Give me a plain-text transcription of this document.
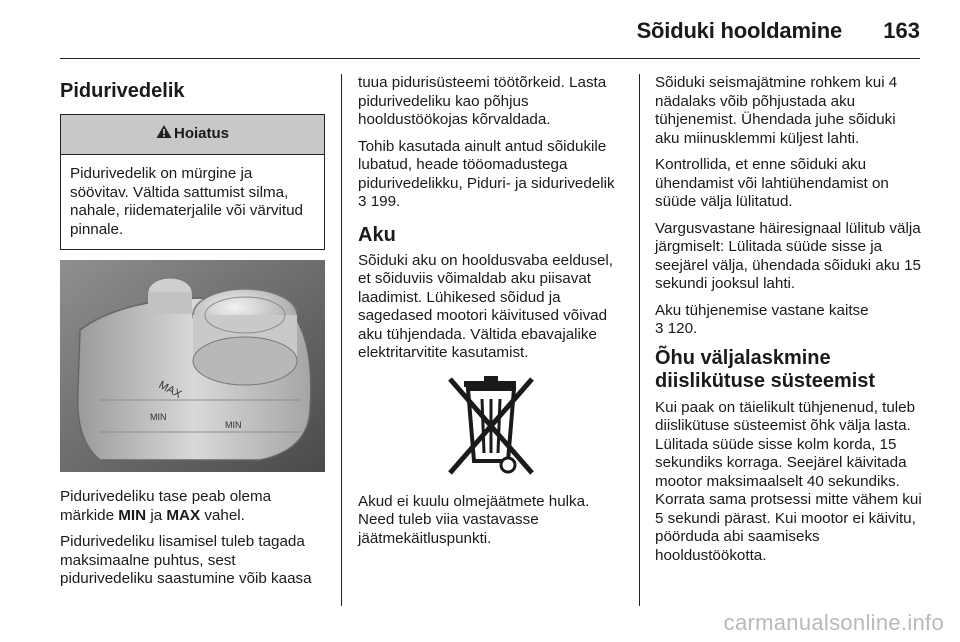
Sõiduki hooldamine 163
Pidurivedelik
Hoiatus
Pidurivedelik on mürgine ja söövitav. Vältida sattumist silma, nahale, riidematerjalile või värvitud pinnale.
MAX
MIN
MIN

Pidurivedeliku tase peab olema märkide MIN ja MAX vahel.

Pidurivedeliku lisamisel tuleb tagada maksimaalne puhtus, sest pidurivedeliku saastumine võib kaasa

tuua pidurisüsteemi töötõrkeid. Lasta pidurivedeliku kao põhjus hooldustöökojas kõrvaldada.

Tohib kasutada ainult antud sõidukile lubatud, heade tööomadustega pidurivedelikku, Piduri- ja sidurivedelik 3 199.

Aku

Sõiduki aku on hooldusvaba eeldusel, et sõiduviis võimaldab aku piisavat laadimist. Lühikesed sõidud ja sagedased mootori käivitused võivad aku tühjendada. Vältida ebavajalike elektritarvitite kasutamist.

Akud ei kuulu olmejäätmete hulka. Need tuleb viia vastavasse jäätmekäitluspunkti.

Sõiduki seismajätmine rohkem kui 4 nädalaks võib põhjustada aku tühjenemist. Ühendada juhe sõiduki aku miinusklemmi küljest lahti.

Kontrollida, et enne sõiduki aku ühendamist või lahtiühendamist on süüde välja lülitatud.

Vargusvastane häiresignaal lülitub välja järgmiselt: Lülitada süüde sisse ja seejärel välja, ühendada sõiduki aku 15 sekundi jooksul lahti.

Aku tühjenemise vastane kaitse
3 120.

Õhu väljalaskmine diislikütuse süsteemist

Kui paak on täielikult tühjenenud, tuleb diislikütuse süsteemist õhk välja lasta. Lülitada süüde sisse kolm korda, 15 sekundiks korraga. Seejärel käivitada mootor maksimaalselt 40 sekundiks. Korrata sama protsessi mitte vähem kui 5 sekundi pärast. Kui mootor ei käivitu, pöörduda abi saamiseks hooldustöökotta.

carmanualsonline.info
